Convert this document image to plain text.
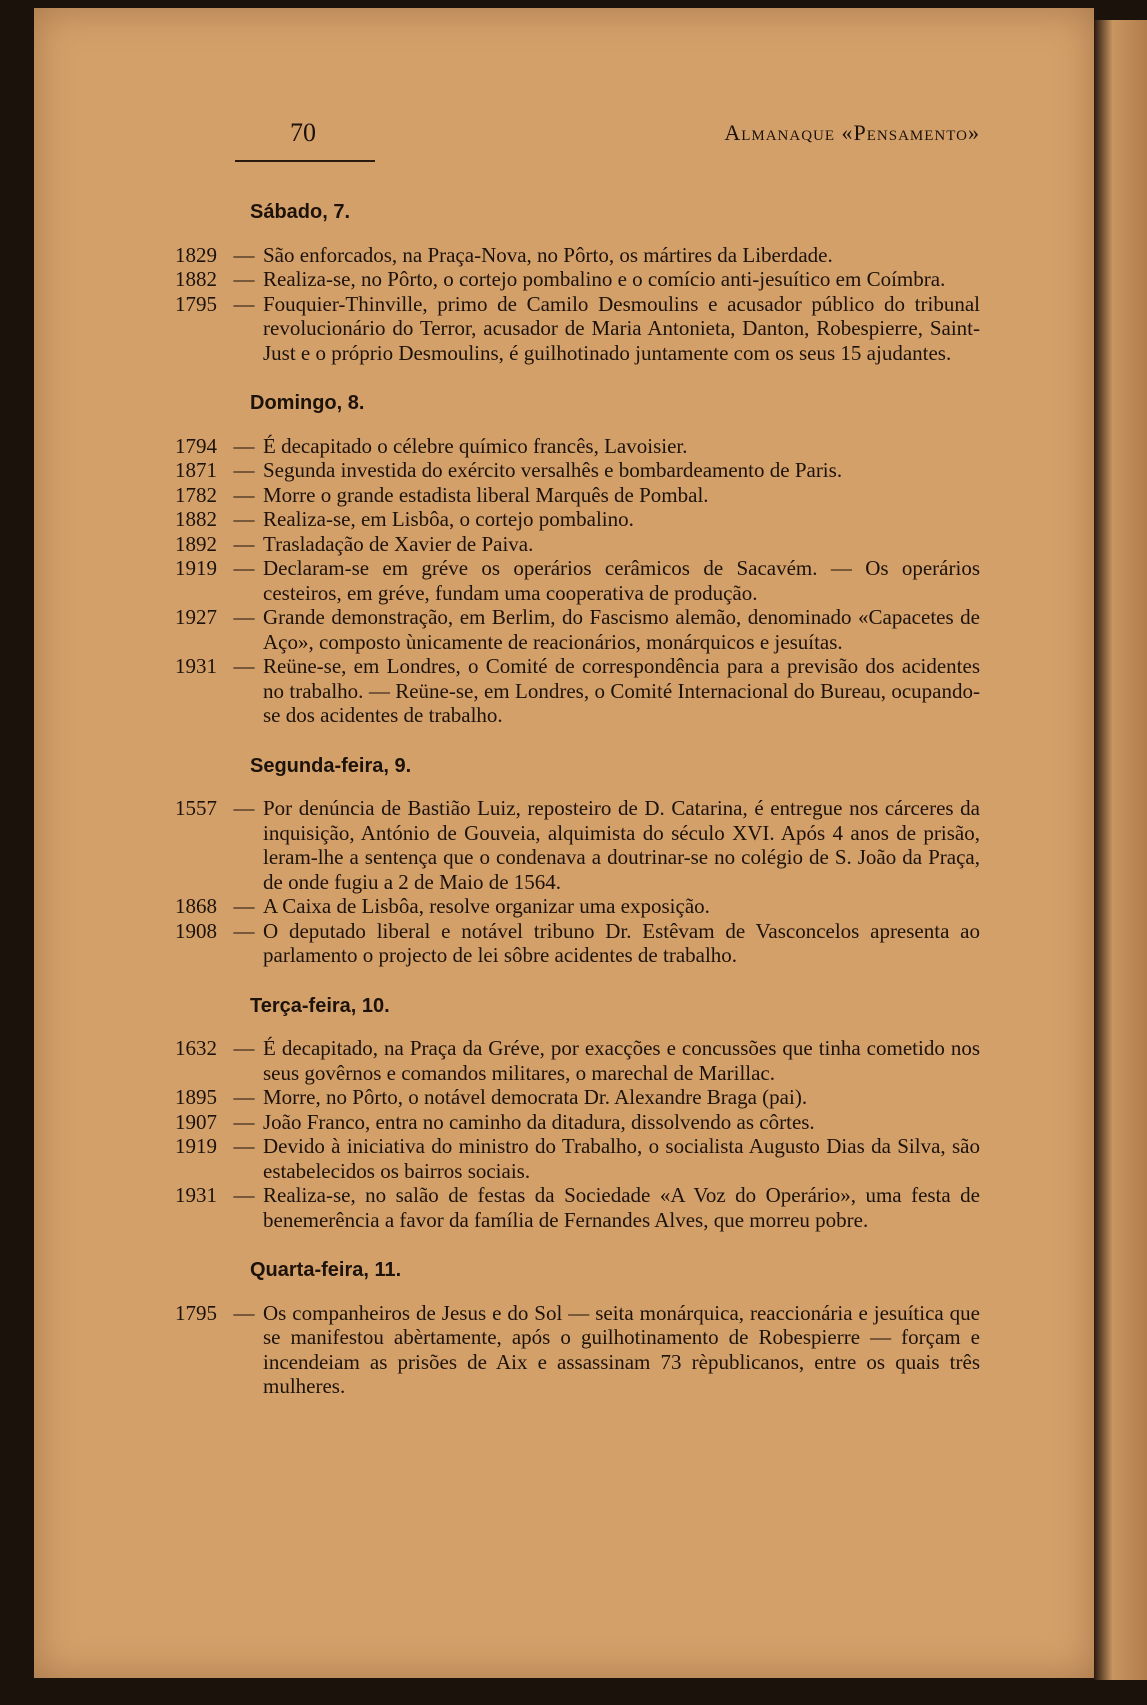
70	Almanaque «Pensamento»
Sábado, 7.
1829 — São enforcados, na Praça-Nova, no Pôrto, os mártires da Liberdade.
1882 — Realiza-se, no Pôrto, o cortejo pombalino e o comício anti-jesuítico em Coímbra.
1795 — Fouquier-Thinville, primo de Camilo Desmoulins e acusador público do tribunal revolucionário do Terror, acusador de Maria Antonieta, Danton, Robespierre, Saint-Just e o próprio Desmoulins, é guilhotinado juntamente com os seus 15 ajudantes.
Domingo, 8.
1794 — É decapitado o célebre químico francês, Lavoisier.
1871 — Segunda investida do exército versalhês e bombardeamento de Paris.
1782 — Morre o grande estadista liberal Marquês de Pombal.
1882 — Realiza-se, em Lisbôa, o cortejo pombalino.
1892 — Trasladação de Xavier de Paiva.
1919 — Declaram-se em gréve os operários cerâmicos de Sacavém. — Os operários cesteiros, em gréve, fundam uma cooperativa de produção.
1927 — Grande demonstração, em Berlim, do Fascismo alemão, denominado «Capacetes de Aço», composto ùnicamente de reacionários, monárquicos e jesuítas.
1931 — Reüne-se, em Londres, o Comité de correspondência para a previsão dos acidentes no trabalho. — Reüne-se, em Londres, o Comité Internacional do Bureau, ocupando-se dos acidentes de trabalho.
Segunda-feira, 9.
1557 — Por denúncia de Bastião Luiz, reposteiro de D. Catarina, é entregue nos cárceres da inquisição, António de Gouveia, alquimista do século XVI. Após 4 anos de prisão, leram-lhe a sentença que o condenava a doutrinar-se no colégio de S. João da Praça, de onde fugiu a 2 de Maio de 1564.
1868 — A Caixa de Lisbôa, resolve organizar uma exposição.
1908 — O deputado liberal e notável tribuno Dr. Estêvam de Vasconcelos apresenta ao parlamento o projecto de lei sôbre acidentes de trabalho.
Terça-feira, 10.
1632 — É decapitado, na Praça da Gréve, por exacções e concussões que tinha cometido nos seus govêrnos e comandos militares, o marechal de Marillac.
1895 — Morre, no Pôrto, o notável democrata Dr. Alexandre Braga (pai).
1907 — João Franco, entra no caminho da ditadura, dissolvendo as côrtes.
1919 — Devido à iniciativa do ministro do Trabalho, o socialista Augusto Dias da Silva, são estabelecidos os bairros sociais.
1931 — Realiza-se, no salão de festas da Sociedade «A Voz do Operário», uma festa de benemerência a favor da família de Fernandes Alves, que morreu pobre.
Quarta-feira, 11.
1795 — Os companheiros de Jesus e do Sol — seita monárquica, reaccionária e jesuítica que se manifestou abèrtamente, após o guilhotinamento de Robespierre — forçam e incendeiam as prisões de Aix e assassinam 73 rèpublicanos, entre os quais três mulheres.
